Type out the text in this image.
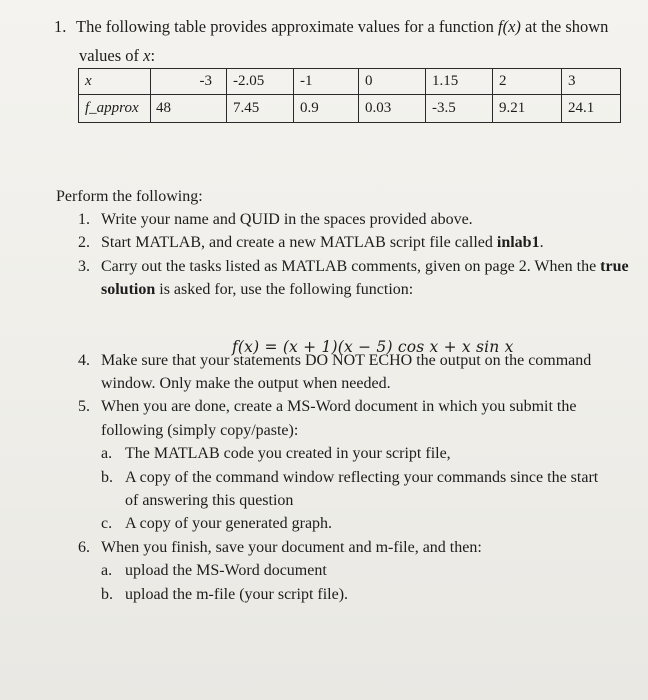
1. The following table provides approximate values for a function f(x) at the shown
values of x:
x	-3	-2.05	-1	0	1.15	2	3
f_approx	48	7.45	0.9	0.03	-3.5	9.21	24.1
Perform the following:
1. Write your name and QUID in the spaces provided above.
2. Start MATLAB, and create a new MATLAB script file called inlab1.
3. Carry out the tasks listed as MATLAB comments, given on page 2. When the true
solution is asked for, use the following function:
4. Make sure that your statements DO NOT ECHO the output on the command
window. Only make the output when needed.
5. When you are done, create a MS-Word document in which you submit the
following (simply copy/paste):
a. The MATLAB code you created in your script file,
b. A copy of the command window reflecting your commands since the start
of answering this question
c. A copy of your generated graph.
6. When you finish, save your document and m-file, and then:
a. upload the MS-Word document
b. upload the m-file (your script file).
f(x) = (x + 1)(x − 5) cos x + x sin x
